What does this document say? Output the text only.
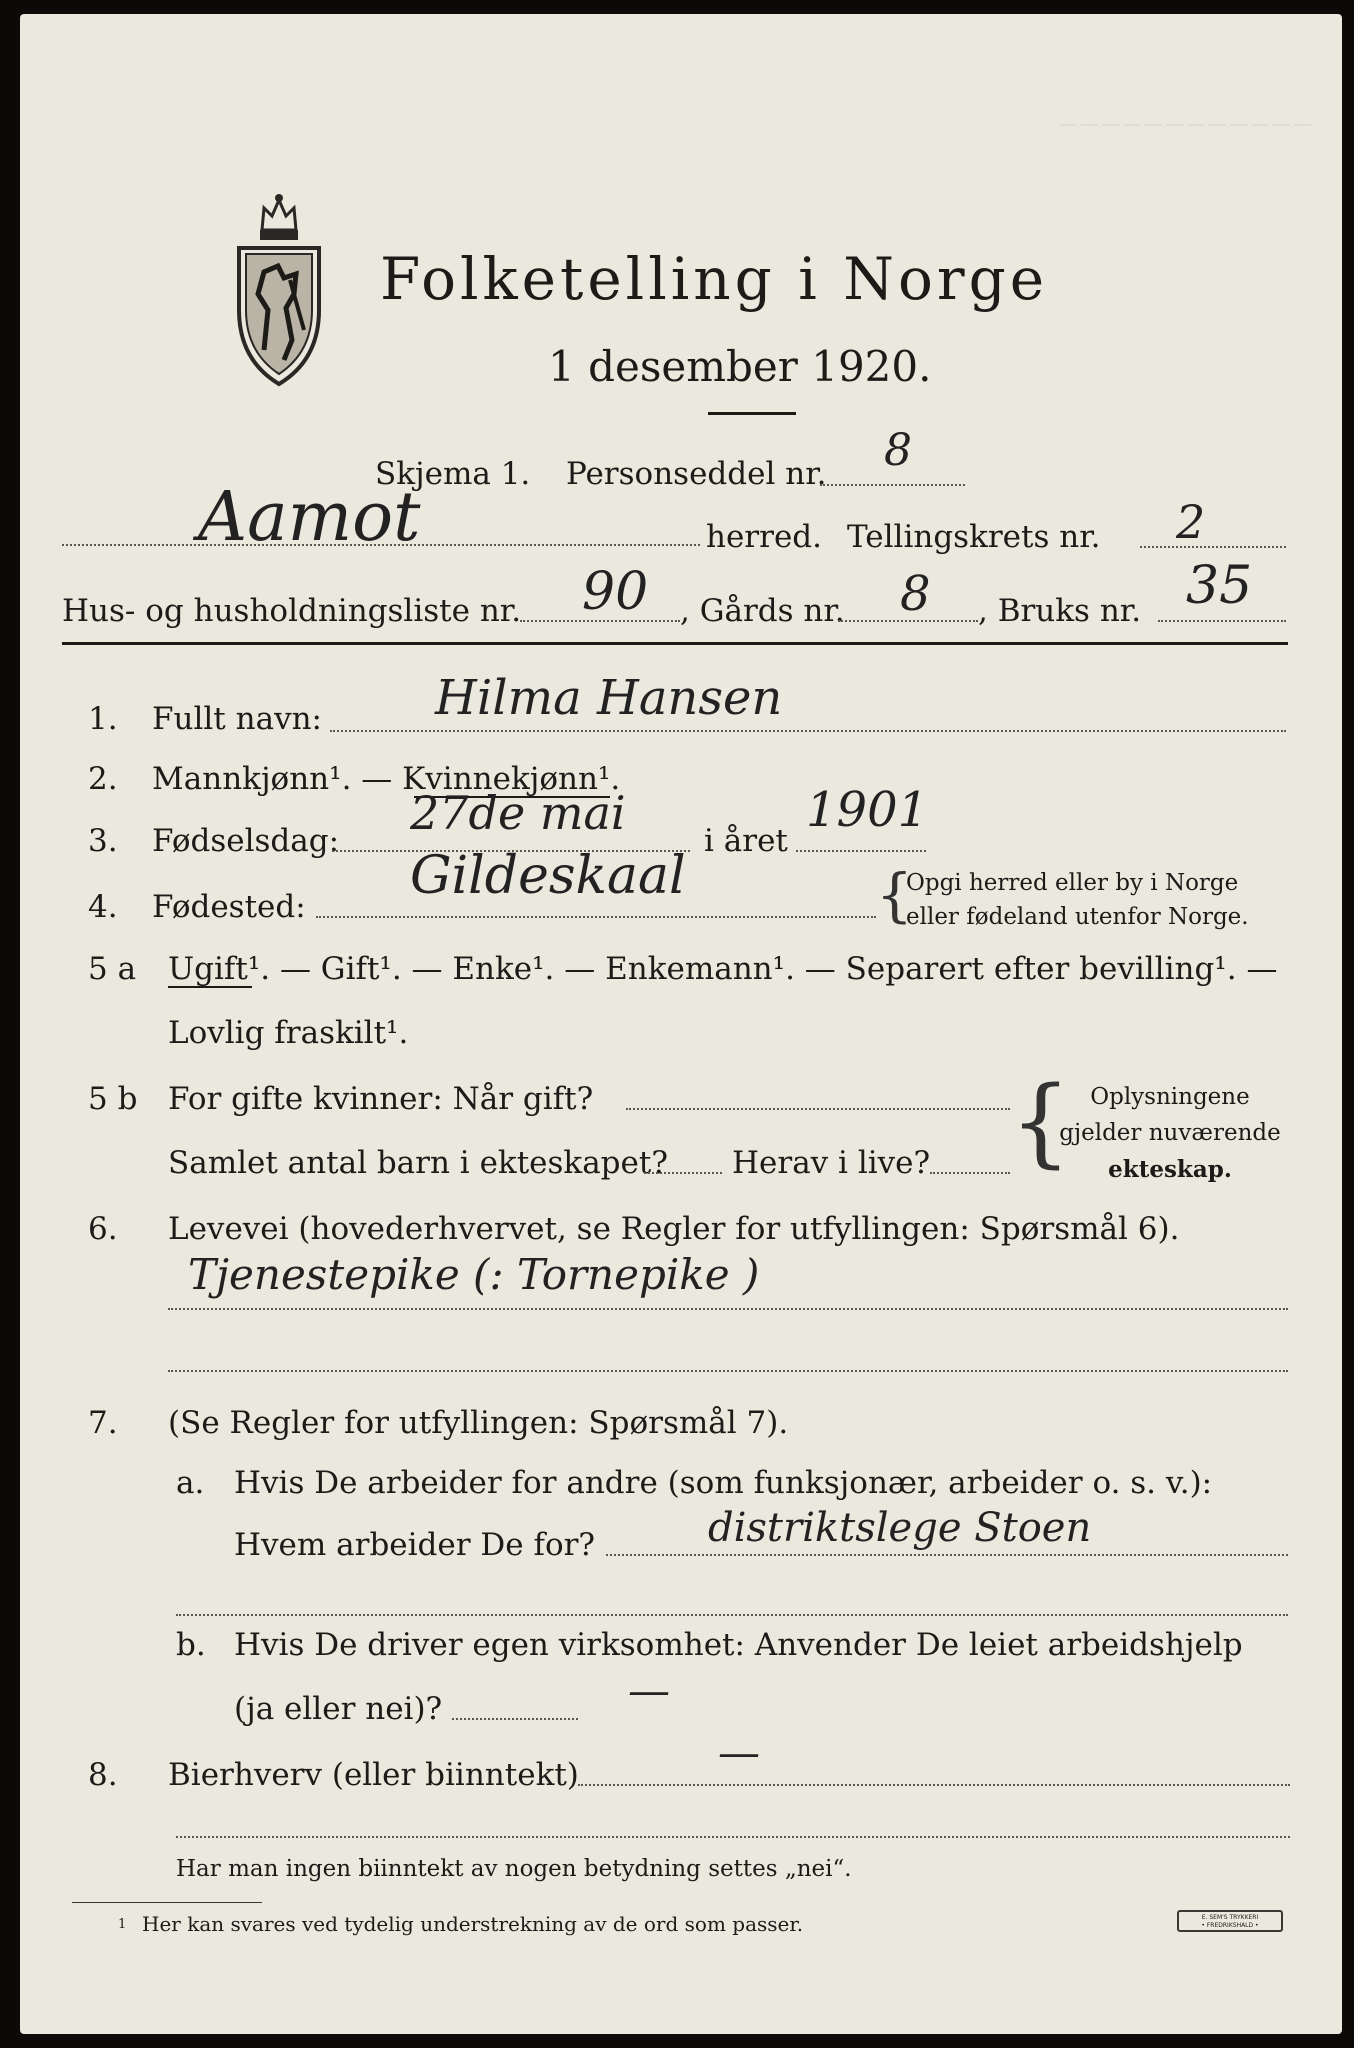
— — — — — — — — — — — —
Folketelling i Norge
1 desember 1920.
Skjema 1. Personseddel nr. 8
Aamot	herred. Tellingskrets nr. 2
Hus- og husholdningsliste nr. 90 , Gårds nr. 8 , Bruks nr. 35
1. Fullt navn: Hilma Hansen
2. Mannkjønn¹. — Kvinnekjønn¹.
3. Fødselsdag:
27de mai
i året
1901
4. Fødested:
Gildeskaal	{
Opgi herred eller by i Norge
eller fødeland utenfor Norge.
5 a Ugift¹. — Gift¹. — Enke¹. — Enkemann¹. — Separert efter bevilling¹. —
Lovlig fraskilt¹.
5 b For gifte kvinner: Når gift?
Samlet antal barn i ekteskapet? Herav i live? { Oplysningene
gjelder nuværende
ekteskap.
6. Levevei (hovederhvervet, se Regler for utfyllingen: Spørsmål 6).
Tjenestepike (: Tornepike )
7. (Se Regler for utfyllingen: Spørsmål 7).
a. Hvis De arbeider for andre (som funksjonær, arbeider o. s. v.):
Hvem arbeider De for?	distriktslege Stoen
b. Hvis De driver egen virksomhet: Anvender De leiet arbeidshjelp
(ja eller nei)?	—
8. Bierhverv (eller biinntekt)	—
Har man ingen biinntekt av nogen betydning settes „nei“.
1 Her kan svares ved tydelig understrekning av de ord som passer.	E. SEM'S TRYKKERI
• FREDRIKSHALD •
